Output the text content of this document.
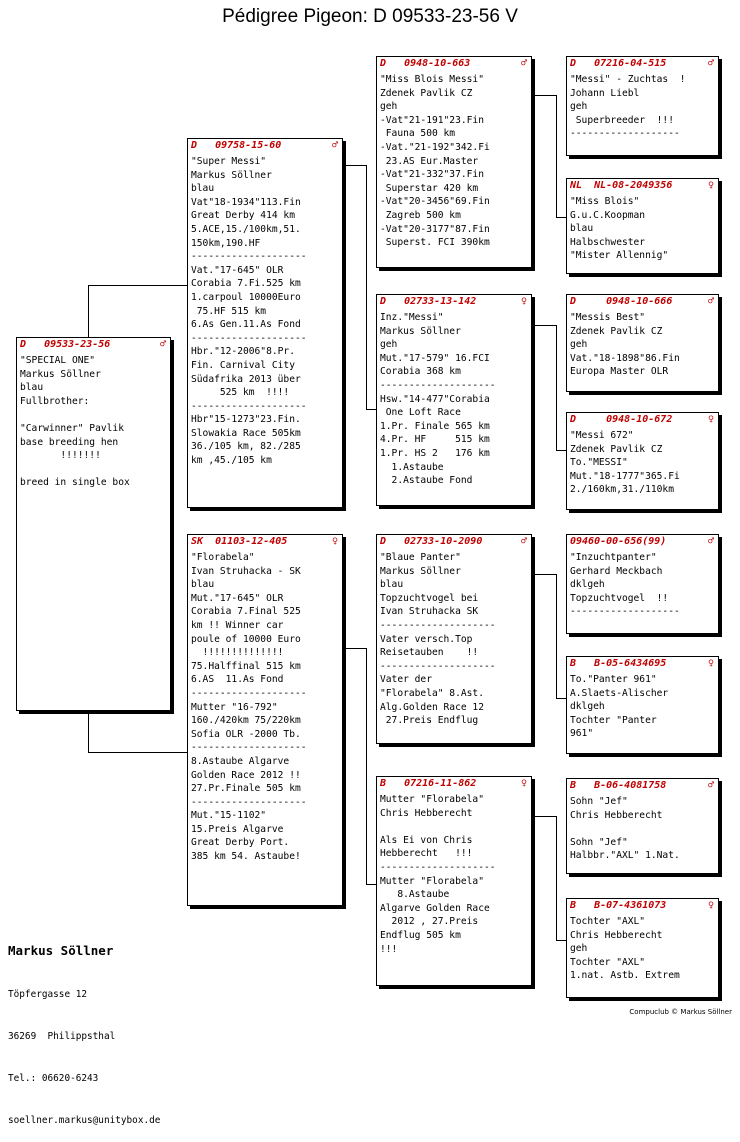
Pédigree Pigeon: D 09533-23-56 V
D   09533-23-56	♂
"SPECIAL ONE"
Markus Söllner
blau
Fullbrother:

"Carwinner" Pavlik
base breeding hen
!!!!!!!

breed in single box
D   09758-15-60	♂
"Super Messi"
Markus Söllner
blau
Vat"18-1934"113.Fin
Great Derby 414 km
5.ACE,15./100km,51.
150km,190.HF
--------------------
Vat."17-645" OLR
Corabia 7.Fi.525 km
1.carpoul 10000Euro
75.HF 515 km
6.As Gen.11.As Fond
--------------------
Hbr."12-2006"8.Pr.
Fin. Carnival City
Südafrika 2013 über
525 km  !!!!
--------------------
Hbr"15-1273"23.Fin.
Slowakia Race 505km
36./105 km, 82./285
km ,45./105 km
SK  01103-12-405	♀
"Florabela"
Ivan Struhacka - SK
blau
Mut."17-645" OLR
Corabia 7.Final 525
km !! Winner car
poule of 10000 Euro
!!!!!!!!!!!!!!
75.Halffinal 515 km
6.AS  11.As Fond
--------------------
Mutter "16-792"
160./420km 75/220km
Sofia OLR -2000 Tb.
--------------------
8.Astaube Algarve
Golden Race 2012 !!
27.Pr.Finale 505 km
--------------------
Mut."15-1102"
15.Preis Algarve
Great Derby Port.
385 km 54. Astaube!
D   0948-10-663	♂
"Miss Blois Messi"
Zdenek Pavlik CZ
geh
-Vat"21-191"23.Fin
Fauna 500 km
-Vat."21-192"342.Fi
23.AS Eur.Master
-Vat"21-332"37.Fin
Superstar 420 km
-Vat"20-3456"69.Fin
Zagreb 500 km
-Vat"20-3177"87.Fin
Superst. FCI 390km
D   02733-13-142	♀
Inz."Messi"
Markus Söllner
geh
Mut."17-579" 16.FCI
Corabia 368 km
--------------------
Hsw."14-477"Corabia
One Loft Race
1.Pr. Finale 565 km
4.Pr. HF     515 km
1.Pr. HS 2   176 km
1.Astaube
2.Astaube Fond
D   02733-10-2090	♂
"Blaue Panter"
Markus Söllner
blau
Topzuchtvogel bei
Ivan Struhacka SK
--------------------
Vater versch.Top
Reisetauben    !!
--------------------
Vater der
"Florabela" 8.Ast.
Alg.Golden Race 12
27.Preis Endflug
B   07216-11-862	♀
Mutter "Florabela"
Chris Hebberecht

Als Ei von Chris
Hebberecht   !!!
--------------------
Mutter "Florabela"
8.Astaube
Algarve Golden Race
2012 , 27.Preis
Endflug 505 km
!!!
D   07216-04-515	♂
"Messi" - Zuchtas  !
Johann Liebl
geh
Superbreeder  !!!
-------------------
NL  NL-08-2049356	♀
"Miss Blois"
G.u.C.Koopman
blau
Halbschwester
"Mister Allennig"
D     0948-10-666	♂
"Messis Best"
Zdenek Pavlik CZ
geh
Vat."18-1898"86.Fin
Europa Master OLR
D     0948-10-672	♀
"Messi 672"
Zdenek Pavlik CZ
To."MESSI"
Mut."18-1777"365.Fi
2./160km,31./110km
09460-00-656(99)	♂
"Inzuchtpanter"
Gerhard Meckbach
dklgeh
Topzuchtvogel  !!
-------------------
B   B-05-6434695	♀
To."Panter 961"
A.Slaets-Alischer
dklgeh
Tochter "Panter
961"
B   B-06-4081758	♂
Sohn "Jef"
Chris Hebberecht

Sohn "Jef"
Halbbr."AXL" 1.Nat.
B   B-07-4361073	♀
Tochter "AXL"
Chris Hebberecht
geh
Tochter "AXL"
1.nat. Astb. Extrem

Markus Söllner

Töpfergasse 12

36269  Philippsthal

Tel.: 06620-6243

soellner.markus@unitybox.de

Compuclub © Markus Söllner
